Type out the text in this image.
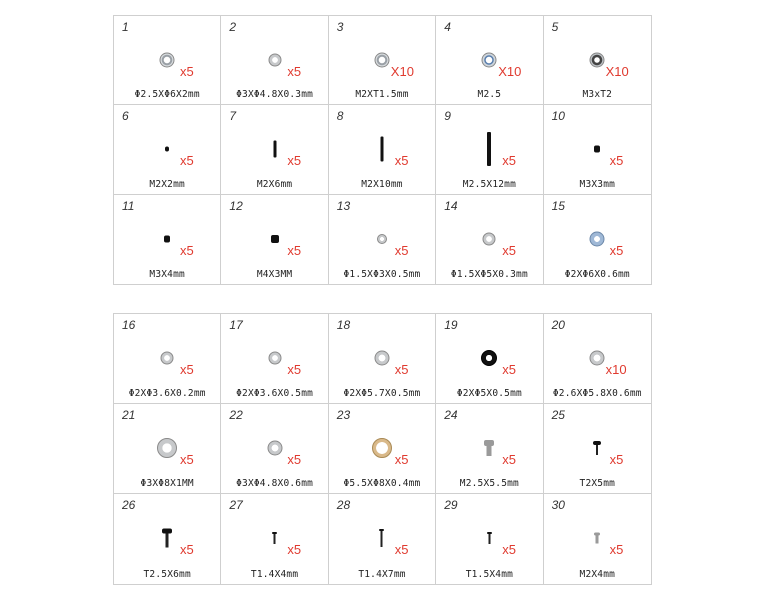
1
x5
Φ2.5XΦ6X2mm
2
x5
Φ3XΦ4.8X0.3mm
3
X10
M2XT1.5mm
4
X10
M2.5
5
X10
M3xT2
6
x5
M2X2mm
7
x5
M2X6mm
8
x5
M2X10mm
9
x5
M2.5X12mm
10
x5
M3X3mm
11
x5
M3X4mm
12
x5
M4X3MM
13
x5
Φ1.5XΦ3X0.5mm
14
x5
Φ1.5XΦ5X0.3mm
15
x5
Φ2XΦ6X0.6mm
16
x5
Φ2XΦ3.6X0.2mm
17
x5
Φ2XΦ3.6X0.5mm
18
x5
Φ2XΦ5.7X0.5mm
19
x5
Φ2XΦ5X0.5mm
20
x10
Φ2.6XΦ5.8X0.6mm
21
x5
Φ3XΦ8X1MM
22
x5
Φ3XΦ4.8X0.6mm
23
x5
Φ5.5XΦ8X0.4mm
24
x5
M2.5X5.5mm
25
x5
T2X5mm
26
x5
T2.5X6mm
27
x5
T1.4X4mm
28
x5
T1.4X7mm
29
x5
T1.5X4mm
30
x5
M2X4mm
